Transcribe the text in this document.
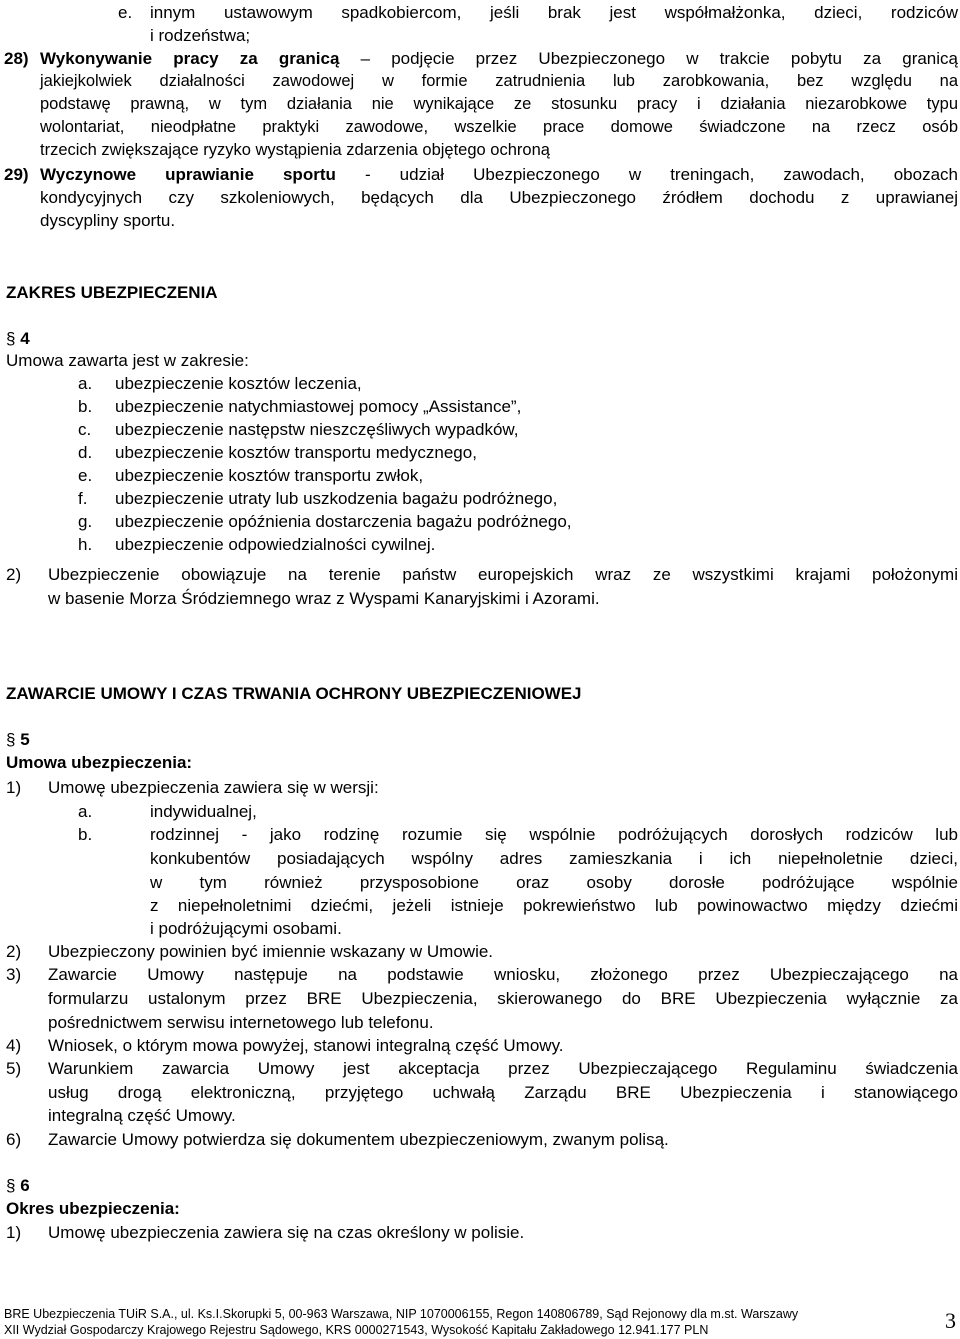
e. innym ustawowym spadkobiercom, jeśli brak jest współmałżonka, dzieci, rodziców
i rodzeństwa;
28) Wykonywanie pracy za granicą – podjęcie przez Ubezpieczonego w trakcie pobytu za granicą
jakiejkolwiek działalności zawodowej w formie zatrudnienia lub zarobkowania, bez względu na
podstawę prawną, w tym działania nie wynikające ze stosunku pracy i działania niezarobkowe typu
wolontariat, nieodpłatne praktyki zawodowe, wszelkie prace domowe świadczone na rzecz osób
trzecich zwiększające ryzyko wystąpienia zdarzenia objętego ochroną
29) Wyczynowe uprawianie sportu - udział Ubezpieczonego w treningach, zawodach, obozach
kondycyjnych czy szkoleniowych, będących dla Ubezpieczonego źródłem dochodu z uprawianej
dyscypliny sportu.
ZAKRES UBEZPIECZENIA
§ 4
Umowa zawarta jest w zakresie:
a. ubezpieczenie kosztów leczenia,
b. ubezpieczenie natychmiastowej pomocy „Assistance”,
c. ubezpieczenie następstw nieszczęśliwych wypadków,
d. ubezpieczenie kosztów transportu medycznego,
e. ubezpieczenie kosztów transportu zwłok,
f. ubezpieczenie utraty lub uszkodzenia bagażu podróżnego,
g. ubezpieczenie opóźnienia dostarczenia bagażu podróżnego,
h. ubezpieczenie odpowiedzialności cywilnej.
2) Ubezpieczenie obowiązuje na terenie państw europejskich wraz ze wszystkimi krajami położonymi
w basenie Morza Śródziemnego wraz z Wyspami Kanaryjskimi i Azorami.
ZAWARCIE UMOWY I CZAS TRWANIA OCHRONY UBEZPIECZENIOWEJ
§ 5
Umowa ubezpieczenia:
1) Umowę ubezpieczenia zawiera się w wersji:
a.	indywidualnej,
b.	rodzinnej - jako rodzinę rozumie się wspólnie podróżujących dorosłych rodziców lub
konkubentów posiadających wspólny adres zamieszkania i ich niepełnoletnie dzieci,
w tym również przysposobione oraz osoby dorosłe podróżujące wspólnie
z niepełnoletnimi dziećmi, jeżeli istnieje pokrewieństwo lub powinowactwo między dziećmi
i podróżującymi osobami.
2) Ubezpieczony powinien być imiennie wskazany w Umowie.
3) Zawarcie Umowy następuje na podstawie wniosku, złożonego przez Ubezpieczającego na
formularzu ustalonym przez BRE Ubezpieczenia, skierowanego do BRE Ubezpieczenia wyłącznie za
pośrednictwem serwisu internetowego lub telefonu.
4) Wniosek, o którym mowa powyżej, stanowi integralną część Umowy.
5) Warunkiem zawarcia Umowy jest akceptacja przez Ubezpieczającego Regulaminu świadczenia
usług drogą elektroniczną, przyjętego uchwałą Zarządu BRE Ubezpieczenia i stanowiącego
integralną część Umowy.
6) Zawarcie Umowy potwierdza się dokumentem ubezpieczeniowym, zwanym polisą.
§ 6
Okres ubezpieczenia:
1) Umowę ubezpieczenia zawiera się na czas określony w polisie.
BRE Ubezpieczenia TUiR S.A., ul. Ks.I.Skorupki 5, 00-963 Warszawa, NIP 1070006155, Regon 140806789, Sąd Rejonowy dla m.st. Warszawy
XII Wydział Gospodarczy Krajowego Rejestru Sądowego, KRS 0000271543, Wysokość Kapitału Zakładowego 12.941.177 PLN	3
